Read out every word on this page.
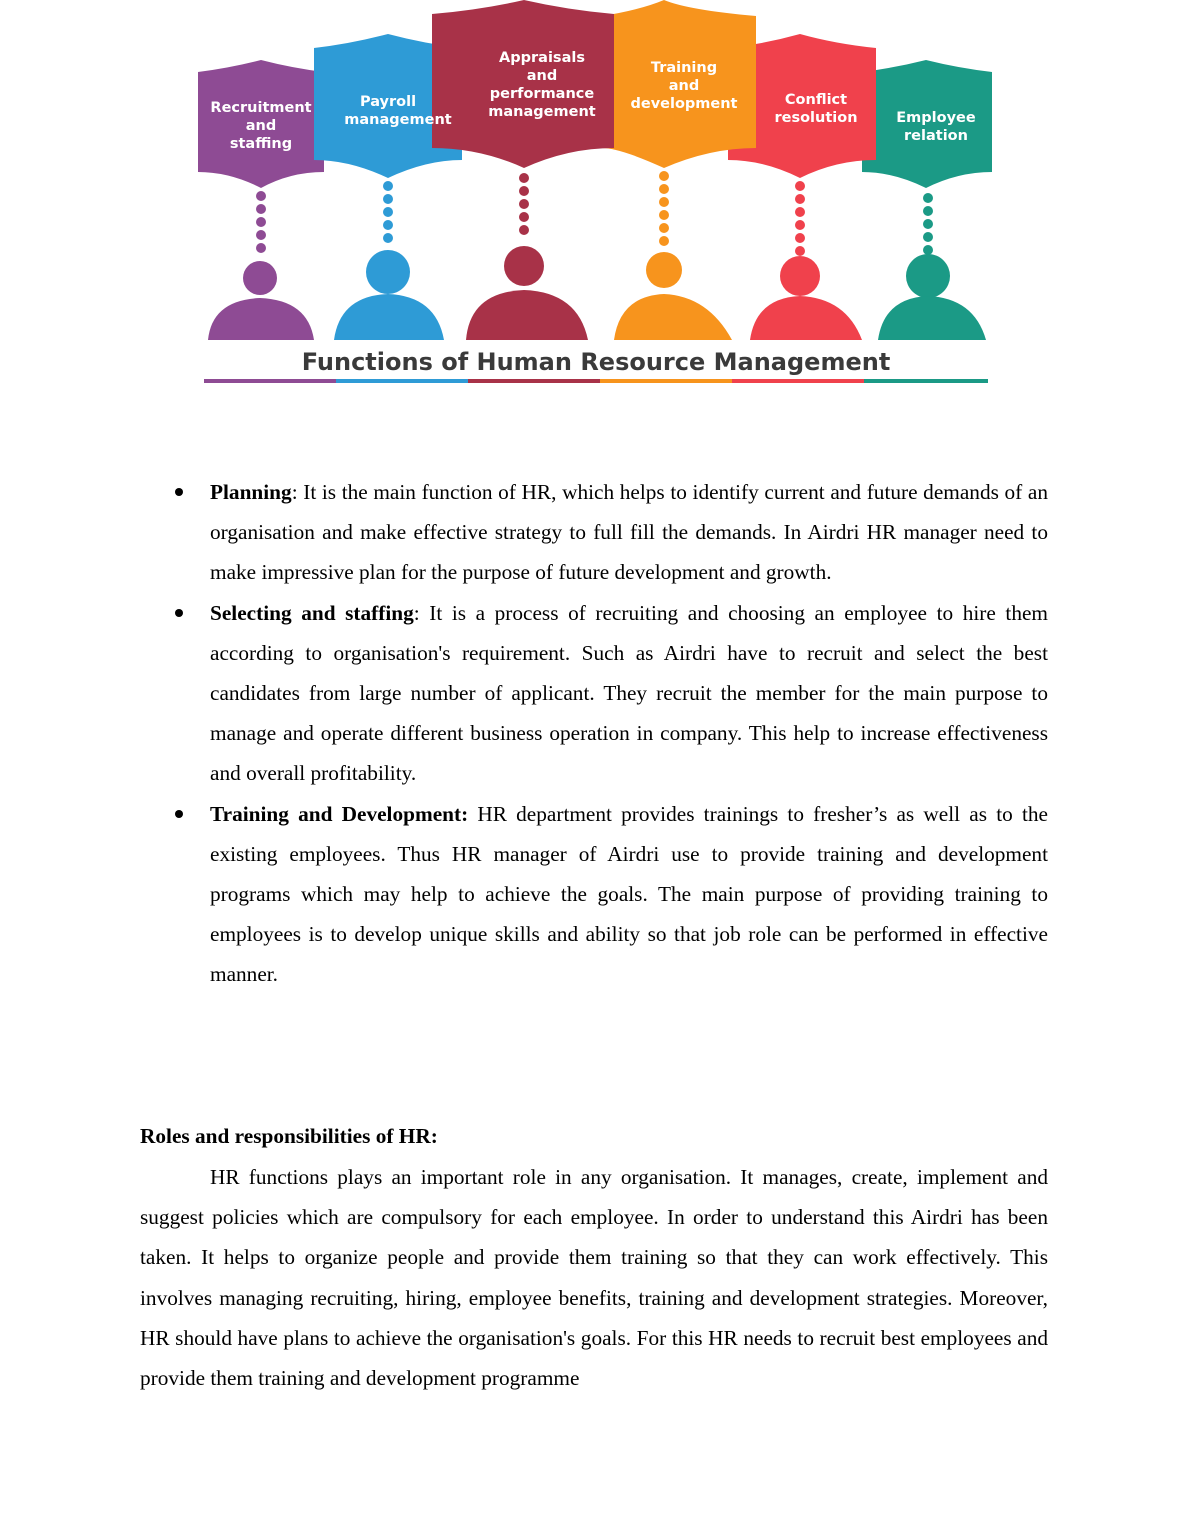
Recruitment
and
staffing
Payroll
management
Appraisals
and
performance
management
Training
and
development	Conflict
resolution	Employee
relation
Functions of Human Resource Management
Planning: It is the main function of HR, which helps to identify current and future demands of an organisation and make effective strategy to full fill the demands. In Airdri HR manager need to make impressive plan for the purpose of future development and growth.
Selecting and staffing: It is a process of recruiting and choosing an employee to hire them according to organisation's requirement. Such as Airdri have to recruit and select the best candidates from large number of applicant. They recruit the member for the main purpose to manage and operate different business operation in company. This help to increase effectiveness and overall profitability.
Training and Development: HR department provides trainings to fresher’s as well as to the existing employees. Thus HR manager of Airdri use to provide training and development programs which may help to achieve the goals. The main purpose of providing training to employees is to develop unique skills and ability so that job role can be performed in effective manner.
Roles and responsibilities of HR:
HR functions plays an important role in any organisation. It manages, create, implement and suggest policies which are compulsory for each employee. In order to understand this Airdri has been taken. It helps to organize people and provide them training so that they can work effectively. This involves managing recruiting, hiring, employee benefits, training and development strategies. Moreover, HR should have plans to achieve the organisation's goals. For this HR needs to recruit best employees and provide them training and development programme
